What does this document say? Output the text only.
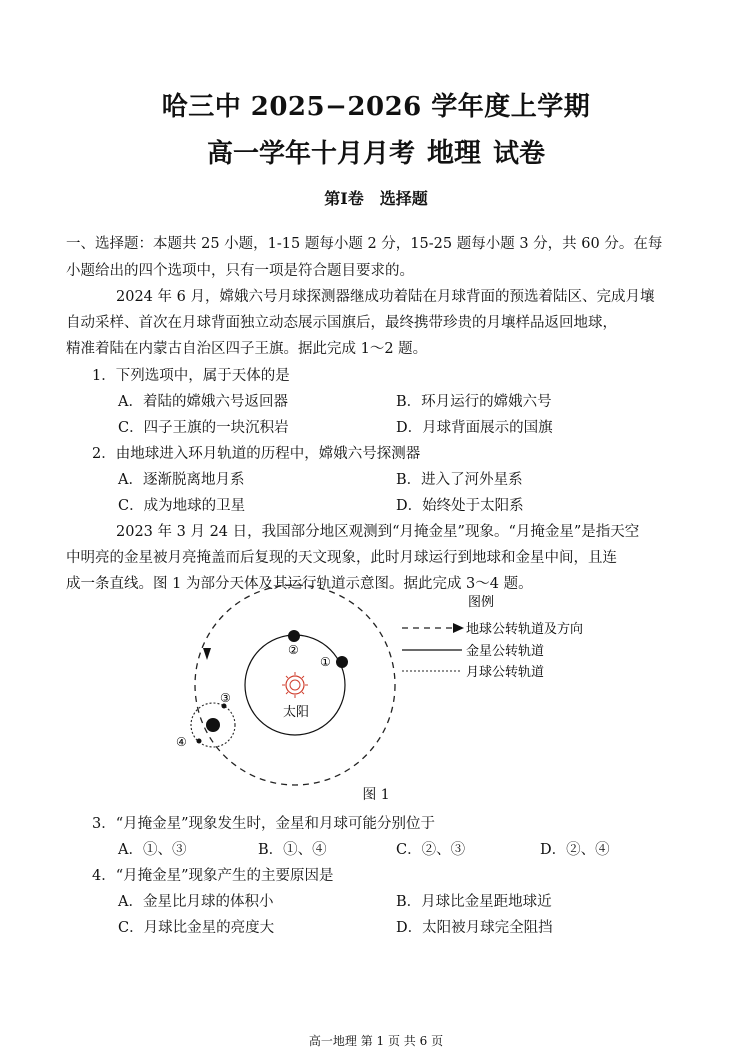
哈三中 2025−2026 学年度上学期
高一学年十月月考 地理 试卷
第Ⅰ卷　选择题
一、选择题：本题共 25 小题，1-15 题每小题 2 分，15-25 题每小题 3 分，共 60 分。在每
小题给出的四个选项中，只有一项是符合题目要求的。
2024 年 6 月，嫦娥六号月球探测器继成功着陆在月球背面的预选着陆区、完成月壤
自动采样、首次在月球背面独立动态展示国旗后，最终携带珍贵的月壤样品返回地球，
精准着陆在内蒙古自治区四子王旗。据此完成 1～2 题。
1．下列选项中，属于天体的是
A．着陆的嫦娥六号返回器	B．环月运行的嫦娥六号
C．四子王旗的一块沉积岩	D．月球背面展示的国旗
2．由地球进入环月轨道的历程中，嫦娥六号探测器
A．逐渐脱离地月系	B．进入了河外星系
C．成为地球的卫星	D．始终处于太阳系
2023 年 3 月 24 日，我国部分地区观测到“月掩金星”现象。“月掩金星”是指天空
中明亮的金星被月亮掩盖而后复现的天文现象，此时月球运行到地球和金星中间，且连
成一条直线。图 1 为部分天体及其运行轨道示意图。据此完成 3～4 题。
太阳
②
①
③
④
图例
地球公转轨道及方向
金星公转轨道
月球公转轨道
图 1
3．“月掩金星”现象发生时，金星和月球可能分别位于
A．①、③	B．①、④	C．②、③	D．②、④
4．“月掩金星”现象产生的主要原因是
A．金星比月球的体积小	B．月球比金星距地球近
C．月球比金星的亮度大	D．太阳被月球完全阻挡
高一地理 第 1 页 共 6 页
